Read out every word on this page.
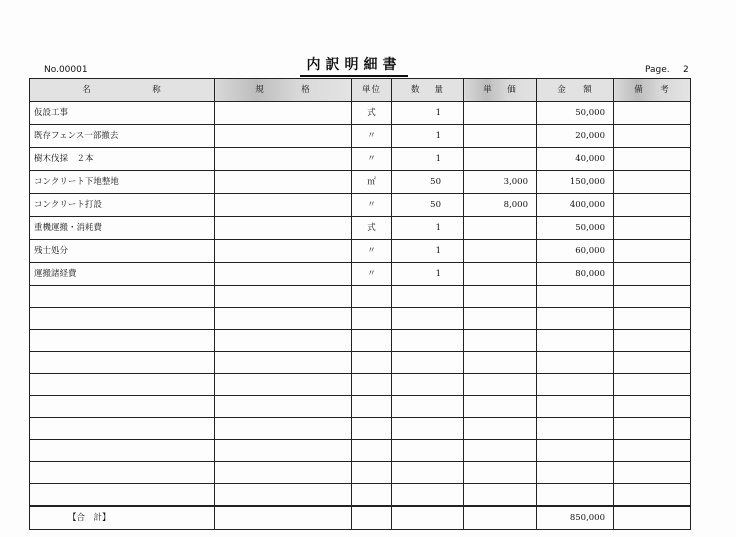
No.00001	内訳明細書	Page. 2
名 称	規 格	単位	数 量	単 価	金 額	備 考

仮設工事		式	1		50,000	
既存フェンス一部撤去		〃	1		20,000	
樹木伐採　２本		〃	1		40,000	
コンクリート下地整地		㎡	50	3,000	150,000	
コンクリート打設		〃	50	8,000	400,000	
重機運搬・消耗費		式	1		50,000	
残士処分		〃	1		60,000	
運搬諸経費		〃	1		80,000	

【合　計】					850,000	
